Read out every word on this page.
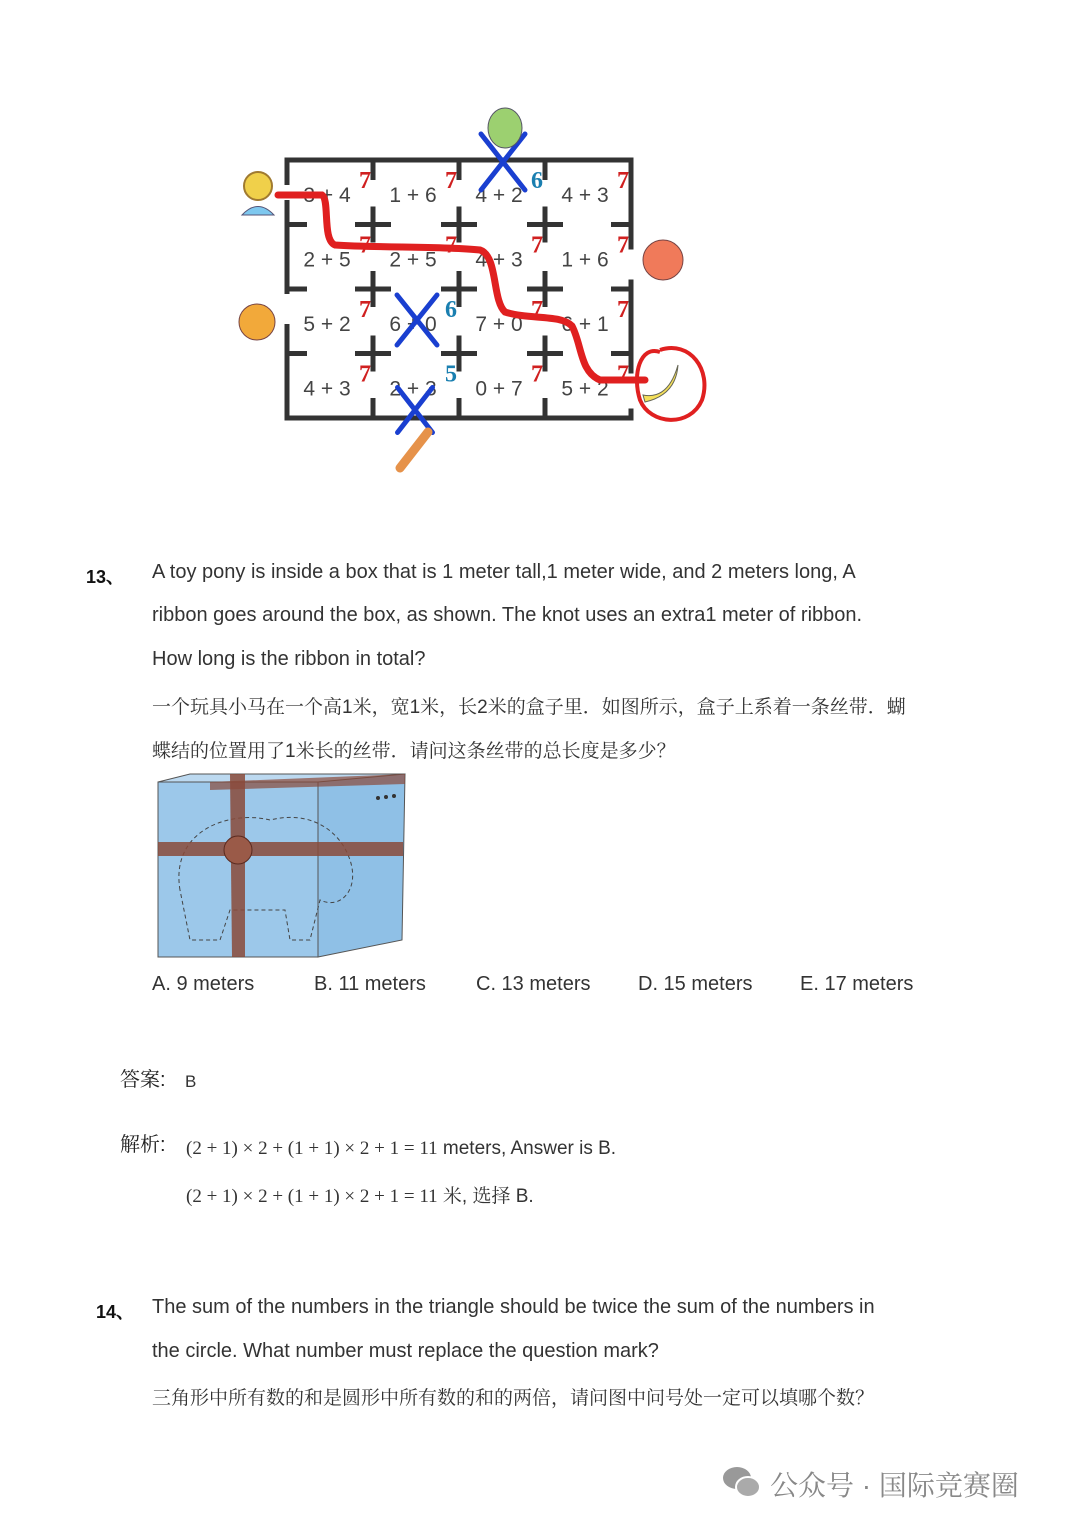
3 + 4
7
1 + 6
7
4 + 2
6
4 + 3
7
2 + 5
7
2 + 5
7
4 + 3
7
1 + 6
7
5 + 2
7
6 + 0
6
7 + 0
7
6 + 1
7
4 + 3
7
2 + 3
5
0 + 7
7
5 + 2
7
13、 A toy pony is inside a box that is 1 meter tall,1 meter wide, and 2 meters long, A
ribbon goes around the box, as shown. The knot uses an extra1 meter of ribbon.
How long is the ribbon in total?
一个玩具小马在一个高1米，宽1米，长2米的盒子里．如图所示，盒子上系着一条丝带．蝴
蝶结的位置用了1米长的丝带．请问这条丝带的总长度是多少？
A. 9 meters	B. 11 meters	C. 13 meters D. 15 meters E. 17 meters
答案: B
解析: (2 + 1) × 2 + (1 + 1) × 2 + 1 = 11 meters, Answer is B.
(2 + 1) × 2 + (1 + 1) × 2 + 1 = 11 米, 选择 B.
14、 The sum of the numbers in the triangle should be twice the sum of the numbers in
the circle. What number must replace the question mark?
三角形中所有数的和是圆形中所有数的和的两倍，请问图中问号处一定可以填哪个数？
公众号 · 国际竞赛圈
